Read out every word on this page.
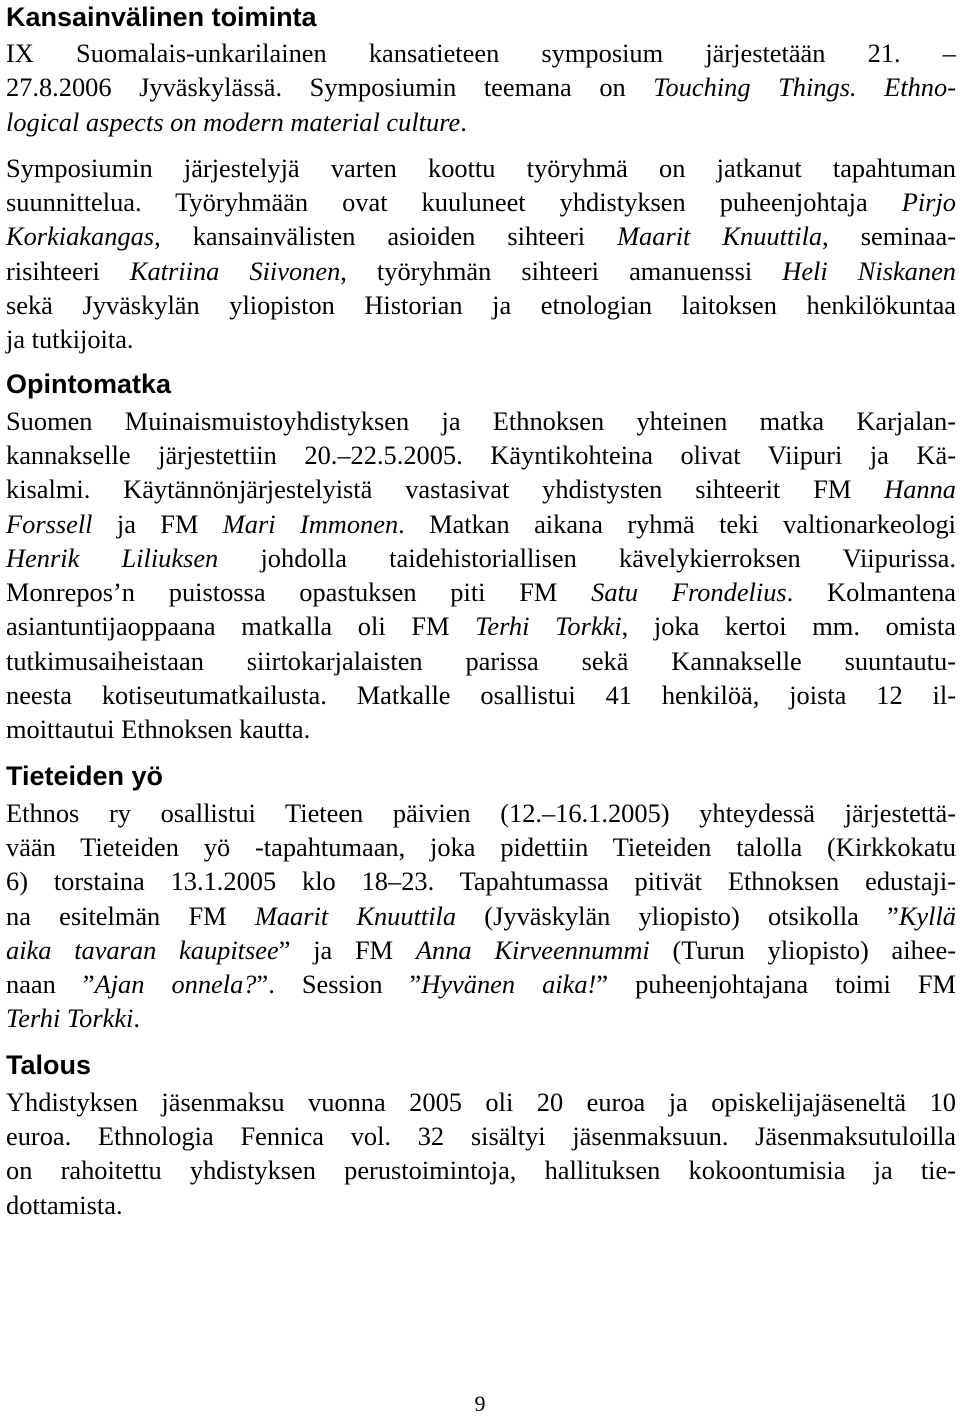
Kansainvälinen toiminta

IX Suomalais-unkarilainen kansatieteen symposium järjestetään 21. –
27.8.2006 Jyväskylässä. Symposiumin teemana on Touching Things. Ethno-
logical aspects on modern material culture.

Symposiumin järjestelyjä varten koottu työryhmä on jatkanut tapahtuman
suunnittelua. Työryhmään ovat kuuluneet yhdistyksen puheenjohtaja Pirjo
Korkiakangas, kansainvälisten asioiden sihteeri Maarit Knuuttila, seminaa-
risihteeri Katriina Siivonen, työryhmän sihteeri amanuenssi Heli Niskanen
sekä Jyväskylän yliopiston Historian ja etnologian laitoksen henkilökuntaa
ja tutkijoita.

Opintomatka

Suomen Muinaismuistoyhdistyksen ja Ethnoksen yhteinen matka Karjalan-
kannakselle järjestettiin 20.–22.5.2005. Käyntikohteina olivat Viipuri ja Kä-
kisalmi. Käytännönjärjestelyistä vastasivat yhdistysten sihteerit FM Hanna
Forssell ja FM Mari Immonen. Matkan aikana ryhmä teki valtionarkeologi
Henrik Liliuksen johdolla taidehistoriallisen kävelykierroksen Viipurissa.
Monrepos’n puistossa opastuksen piti FM Satu Frondelius. Kolmantena
asiantuntijaoppaana matkalla oli FM Terhi Torkki, joka kertoi mm. omista
tutkimusaiheistaan siirtokarjalaisten parissa sekä Kannakselle suuntautu-
neesta kotiseutumatkailusta. Matkalle osallistui 41 henkilöä, joista 12 il-
moittautui Ethnoksen kautta.

Tieteiden yö

Ethnos ry osallistui Tieteen päivien (12.–16.1.2005) yhteydessä järjestettä-
vään Tieteiden yö -tapahtumaan, joka pidettiin Tieteiden talolla (Kirkkokatu
6) torstaina 13.1.2005 klo 18–23. Tapahtumassa pitivät Ethnoksen edustaji-
na esitelmän FM Maarit Knuuttila (Jyväskylän yliopisto) otsikolla ”Kyllä
aika tavaran kaupitsee” ja FM Anna Kirveennummi (Turun yliopisto) aihee-
naan ”Ajan onnela?”. Session ”Hyvänen aika!” puheenjohtajana toimi FM
Terhi Torkki.

Talous

Yhdistyksen jäsenmaksu vuonna 2005 oli 20 euroa ja opiskelijajäseneltä 10
euroa. Ethnologia Fennica vol. 32 sisältyi jäsenmaksuun. Jäsenmaksutuloilla
on rahoitettu yhdistyksen perustoimintoja, hallituksen kokoontumisia ja tie-
dottamista.

9
